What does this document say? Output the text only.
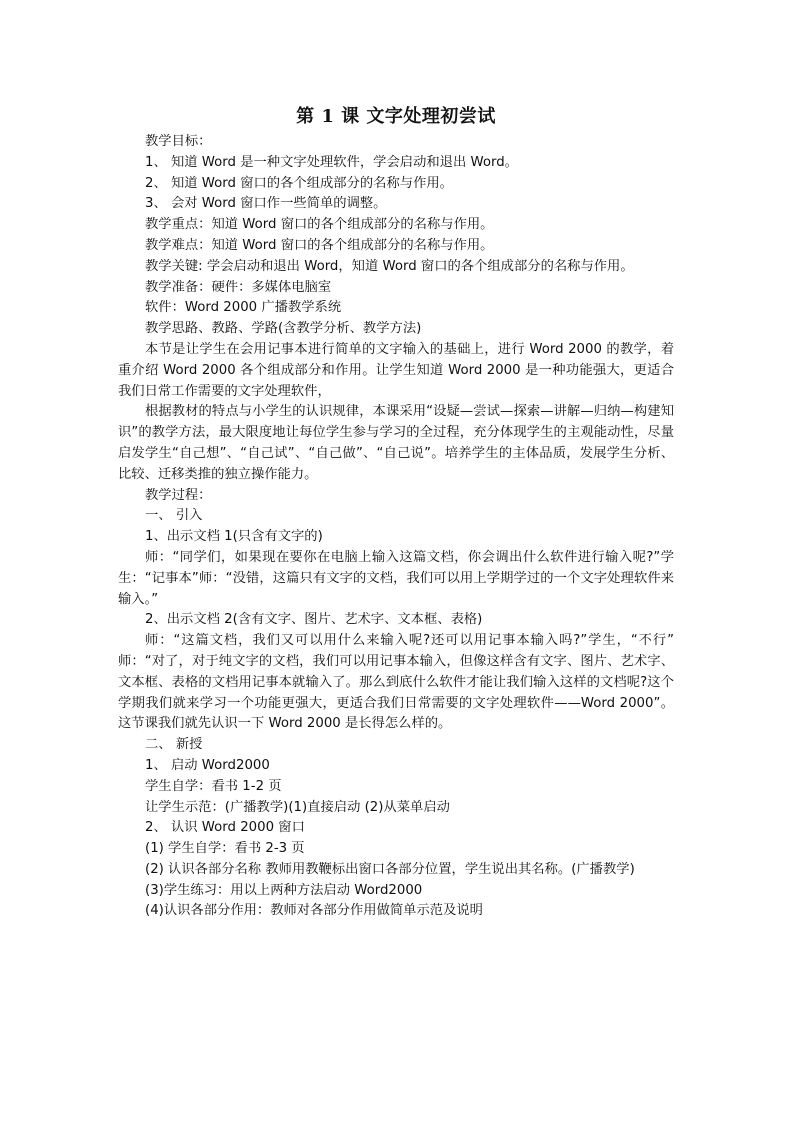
第 1 课 文字处理初尝试

教学目标：

1、 知道 Word 是一种文字处理软件，学会启动和退出 Word。

2、 知道 Word 窗口的各个组成部分的名称与作用。

3、 会对 Word 窗口作一些简单的调整。

教学重点：知道 Word 窗口的各个组成部分的名称与作用。

教学难点：知道 Word 窗口的各个组成部分的名称与作用。

教学关键: 学会启动和退出 Word，知道 Word 窗口的各个组成部分的名称与作用。

教学准备：硬件：多媒体电脑室

软件：Word 2000 广播教学系统

教学思路、教路、学路(含教学分析、教学方法)

本节是让学生在会用记事本进行简单的文字输入的基础上，进行 Word 2000 的教学，着重介绍 Word 2000 各个组成部分和作用。让学生知道 Word 2000 是一种功能强大，更适合我们日常工作需要的文字处理软件，

根据教材的特点与小学生的认识规律，本课采用“设疑—尝试—探索—讲解—归纳—构建知识”的教学方法，最大限度地让每位学生参与学习的全过程，充分体现学生的主观能动性，尽量启发学生“自己想”、“自己试”、“自己做”、“自己说”。培养学生的主体品质，发展学生分析、比较、迁移类推的独立操作能力。

教学过程：

一、 引入

1、出示文档 1(只含有文字的)

师：“同学们，如果现在要你在电脑上输入这篇文档，你会调出什么软件进行输入呢?”学生：“记事本”师：“没错，这篇只有文字的文档，我们可以用上学期学过的一个文字处理软件来输入。”

2、出示文档 2(含有文字、图片、艺术字、文本框、表格)

师：“这篇文档，我们又可以用什么来输入呢?还可以用记事本输入吗?”学生，“不行” 师：“对了，对于纯文字的文档，我们可以用记事本输入，但像这样含有文字、图片、艺术字、文本框、表格的文档用记事本就输入了。那么到底什么软件才能让我们输入这样的文档呢?这个学期我们就来学习一个功能更强大，更适合我们日常需要的文字处理软件——Word 2000”。这节课我们就先认识一下 Word 2000 是长得怎么样的。

二、 新授

1、 启动 Word2000

学生自学：看书 1-2 页

让学生示范：(广播教学)(1)直接启动 (2)从菜单启动

2、 认识 Word 2000 窗口

(1) 学生自学：看书 2-3 页

(2) 认识各部分名称 教师用教鞭标出窗口各部分位置，学生说出其名称。(广播教学)

(3)学生练习：用以上两种方法启动 Word2000

(4)认识各部分作用：教师对各部分作用做简单示范及说明
